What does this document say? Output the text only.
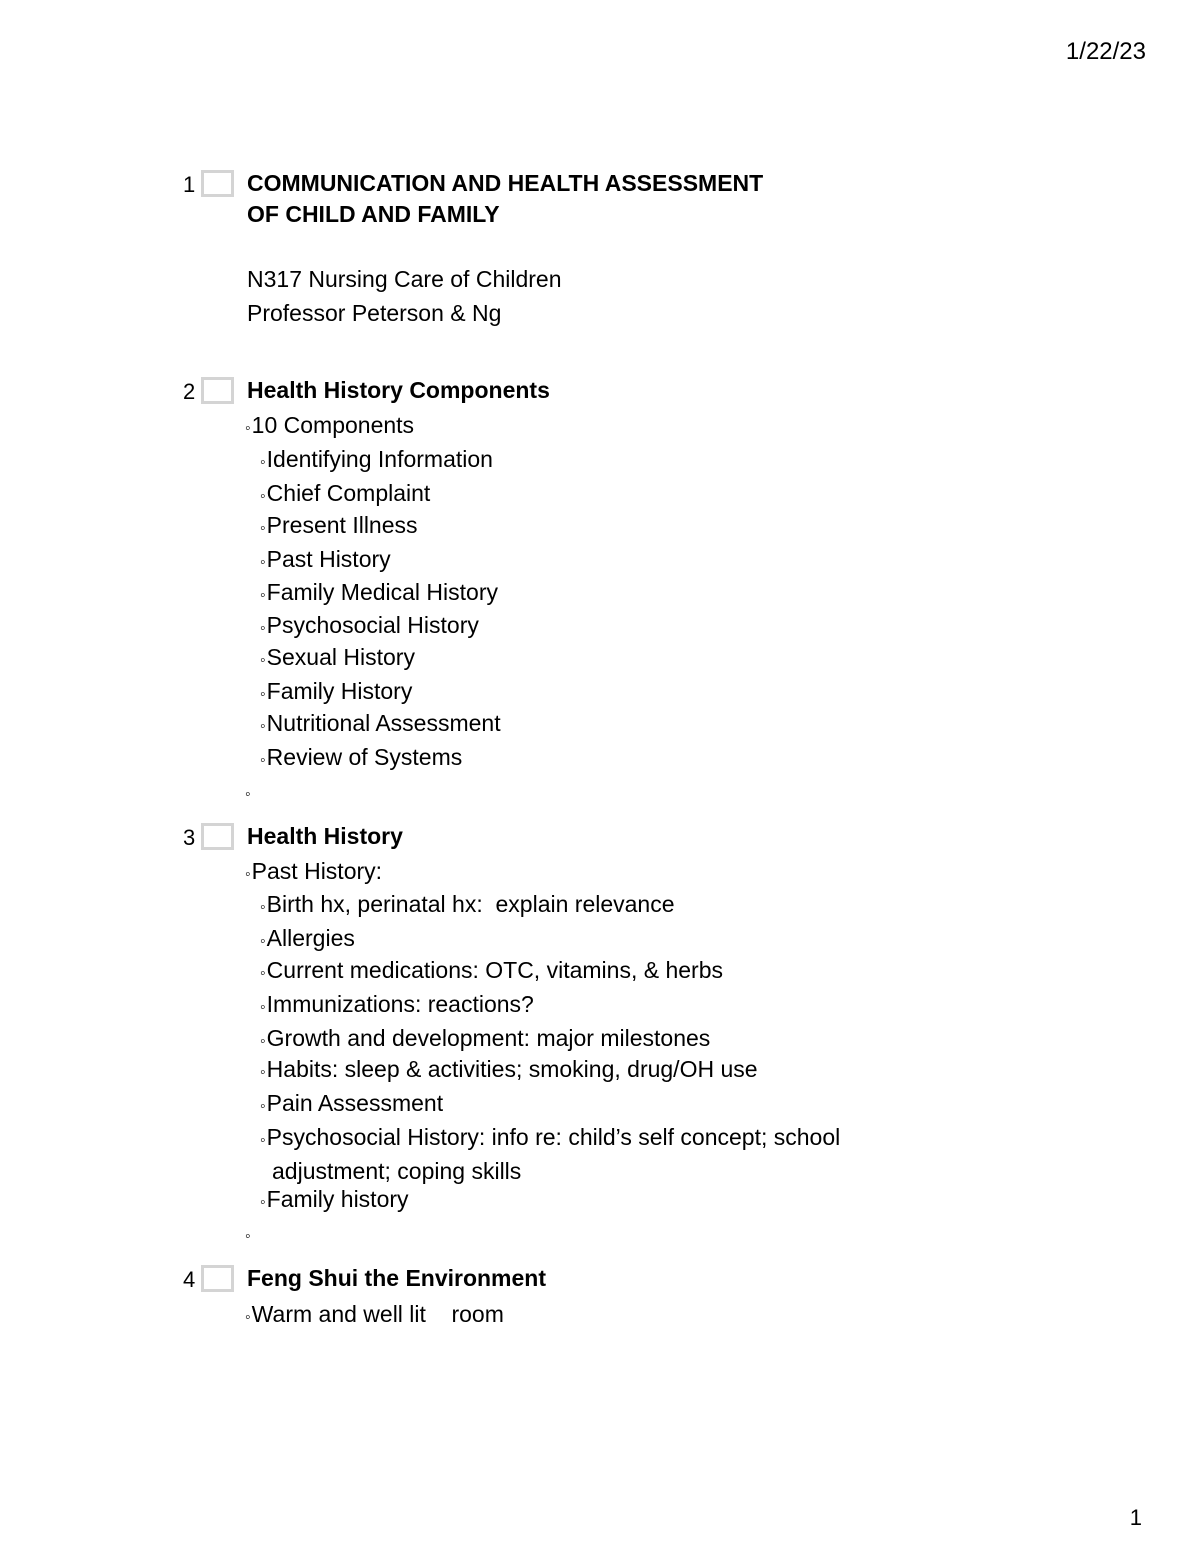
1/22/23
1 COMMUNICATION AND HEALTH ASSESSMENT
OF CHILD AND FAMILY
N317 Nursing Care of Children
Professor Peterson & Ng
2 Health History Components
◦10 Components
◦Identifying Information
◦Chief Complaint
◦Present Illness
◦Past History
◦Family Medical History
◦Psychosocial History
◦Sexual History
◦Family History
◦Nutritional Assessment
◦Review of Systems
◦
3 Health History
◦Past History:
◦Birth hx, perinatal hx:  explain relevance
◦Allergies
◦Current medications: OTC, vitamins, & herbs
◦Immunizations: reactions?
◦Growth and development: major milestones
◦Habits: sleep & activities; smoking, drug/OH use
◦Pain Assessment
◦Psychosocial History: info re: child’s self concept; school adjustment; coping skills
◦Family history
◦
4 Feng Shui the Environment
◦Warm and well lit    room
1
